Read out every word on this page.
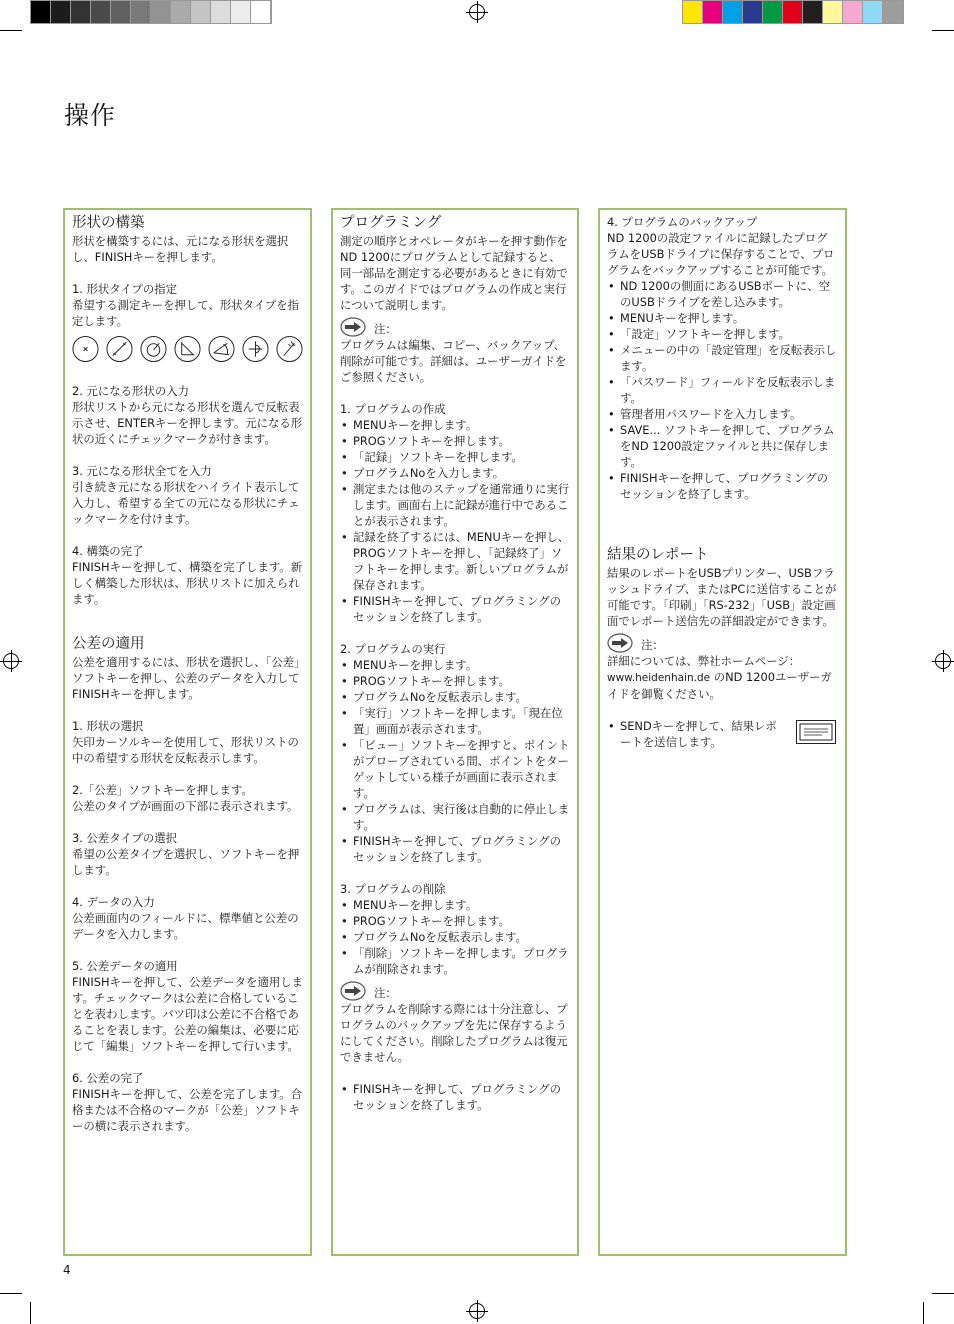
操作
形状の構築

形状を構築するには、元になる形状を選択し、FINISHキーを押します。

1. 形状タイプの指定

希望する測定キーを押して、形状タイプを指定します。

2. 元になる形状の入力

形状リストから元になる形状を選んで反転表示させ、ENTERキーを押します。元になる形状の近くにチェックマークが付きます。

3. 元になる形状全てを入力

引き続き元になる形状をハイライト表示して入力し、希望する全ての元になる形状にチェックマークを付けます。

4. 構築の完了

FINISHキーを押して、構築を完了します。新しく構築した形状は、形状リストに加えられます。

公差の適用

公差を適用するには、形状を選択し、「公差」ソフトキーを押し、公差のデータを入力してFINISHキーを押します。

1. 形状の選択

矢印カーソルキーを使用して、形状リストの中の希望する形状を反転表示します。

2.「公差」ソフトキーを押します。

公差のタイプが画面の下部に表示されます。

3. 公差タイプの選択

希望の公差タイプを選択し、ソフトキーを押します。

4. データの入力

公差画面内のフィールドに、標準値と公差のデータを入力します。

5. 公差データの適用

FINISHキーを押して、公差データを適用します。チェックマークは公差に合格していることを表わします。バツ印は公差に不合格であることを表します。公差の編集は、必要に応じて「編集」ソフトキーを押して行います。

6. 公差の完了

FINISHキーを押して、公差を完了します。合格または不合格のマークが「公差」ソフトキーの横に表示されます。

プログラミング

測定の順序とオペレータがキーを押す動作をND 1200にプログラムとして記録すると、同一部品を測定する必要があるときに有効です。このガイドではプログラムの作成と実行について説明します。

注：

プログラムは編集、コピー、バックアップ、削除が可能です。詳細は、ユーザーガイドをご参照ください。

1. プログラムの作成

• MENUキーを押します。
• PROGソフトキーを押します。
• 「記録」ソフトキーを押します。
• プログラムNoを入力します。
• 測定または他のステップを通常通りに実行します。画面右上に記録が進行中であることが表示されます。
• 記録を終了するには、MENUキーを押し、PROGソフトキーを押し、「記録終了」ソフトキーを押します。新しいプログラムが保存されます。
• FINISHキーを押して、プログラミングのセッションを終了します。

2. プログラムの実行

• MENUキーを押します。
• PROGソフトキーを押します。
• プログラムNoを反転表示します。
• 「実行」ソフトキーを押します。「現在位置」画面が表示されます。
• 「ビュー」ソフトキーを押すと、ポイントがプローブされている間、ポイントをターゲットしている様子が画面に表示されます。
• プログラムは、実行後は自動的に停止します。
• FINISHキーを押して、プログラミングのセッションを終了します。

3. プログラムの削除

• MENUキーを押します。
• PROGソフトキーを押します。
• プログラムNoを反転表示します。
• 「削除」ソフトキーを押します。プログラムが削除されます。
注：

プログラムを削除する際には十分注意し、プログラムのバックアップを先に保存するようにしてください。削除したプログラムは復元できません。

• FINISHキーを押して、プログラミングのセッションを終了します。

4. プログラムのバックアップ

ND 1200の設定ファイルに記録したプログラムをUSBドライブに保存することで、プログラムをバックアップすることが可能です。

• ND 1200の側面にあるUSBポートに、空のUSBドライブを差し込みます。
• MENUキーを押します。
• 「設定」ソフトキーを押します。
• メニューの中の「設定管理」を反転表示します。
• 「パスワード」フィールドを反転表示します。
• 管理者用パスワードを入力します。
• SAVE... ソフトキーを押して、プログラムをND 1200設定ファイルと共に保存します。
• FINISHキーを押して、プログラミングのセッションを終了します。
結果のレポート

結果のレポートをUSBプリンター、USBフラッシュドライブ、またはPCに送信することが可能です。「印刷」「RS-232」「USB」設定画面でレポート送信先の詳細設定ができます。

注：

詳細については、弊社ホームページ：
www.heidenhain.de のND 1200ユーザーガイドを御覧ください。

• SENDキーを押して、結果レポートを送信します。
4
